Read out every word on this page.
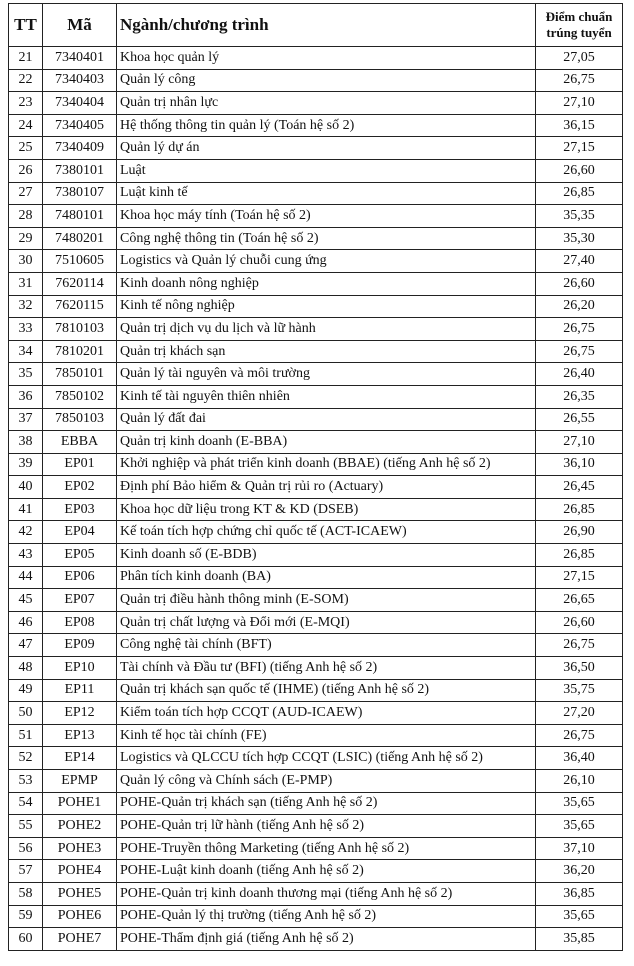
TT	Mã	Ngành/chương trình	Điểm chuẩn
trúng tuyển
21	7340401	Khoa học quản lý	27,05
22	7340403	Quản lý công	26,75
23	7340404	Quản trị nhân lực	27,10
24	7340405	Hệ thống thông tin quản lý (Toán hệ số 2)	36,15
25	7340409	Quản lý dự án	27,15
26	7380101	Luật	26,60
27	7380107	Luật kinh tế	26,85
28	7480101	Khoa học máy tính (Toán hệ số 2)	35,35
29	7480201	Công nghệ thông tin (Toán hệ số 2)	35,30
30	7510605	Logistics và Quản lý chuỗi cung ứng	27,40
31	7620114	Kinh doanh nông nghiệp	26,60
32	7620115	Kinh tế nông nghiệp	26,20
33	7810103	Quản trị dịch vụ du lịch và lữ hành	26,75
34	7810201	Quản trị khách sạn	26,75
35	7850101	Quản lý tài nguyên và môi trường	26,40
36	7850102	Kinh tế tài nguyên thiên nhiên	26,35
37	7850103	Quản lý đất đai	26,55
38	EBBA	Quản trị kinh doanh (E-BBA)	27,10
39	EP01	Khởi nghiệp và phát triển kinh doanh (BBAE) (tiếng Anh hệ số 2)	36,10
40	EP02	Định phí Bảo hiểm & Quản trị rủi ro (Actuary)	26,45
41	EP03	Khoa học dữ liệu trong KT & KD (DSEB)	26,85
42	EP04	Kế toán tích hợp chứng chỉ quốc tế (ACT-ICAEW)	26,90
43	EP05	Kinh doanh số (E-BDB)	26,85
44	EP06	Phân tích kinh doanh (BA)	27,15
45	EP07	Quản trị điều hành thông minh (E-SOM)	26,65
46	EP08	Quản trị chất lượng và Đổi mới (E-MQI)	26,60
47	EP09	Công nghệ tài chính (BFT)	26,75
48	EP10	Tài chính và Đầu tư (BFI) (tiếng Anh hệ số 2)	36,50
49	EP11	Quản trị khách sạn quốc tế (IHME) (tiếng Anh hệ số 2)	35,75
50	EP12	Kiểm toán tích hợp CCQT (AUD-ICAEW)	27,20
51	EP13	Kinh tế học tài chính (FE)	26,75
52	EP14	Logistics và QLCCU tích hợp CCQT (LSIC) (tiếng Anh hệ số 2)	36,40
53	EPMP	Quản lý công và Chính sách (E-PMP)	26,10
54	POHE1	POHE-Quản trị khách sạn (tiếng Anh hệ số 2)	35,65
55	POHE2	POHE-Quản trị lữ hành (tiếng Anh hệ số 2)	35,65
56	POHE3	POHE-Truyền thông Marketing (tiếng Anh hệ số 2)	37,10
57	POHE4	POHE-Luật kinh doanh (tiếng Anh hệ số 2)	36,20
58	POHE5	POHE-Quản trị kinh doanh thương mại (tiếng Anh hệ số 2)	36,85
59	POHE6	POHE-Quản lý thị trường (tiếng Anh hệ số 2)	35,65
60	POHE7	POHE-Thẩm định giá (tiếng Anh hệ số 2)	35,85
